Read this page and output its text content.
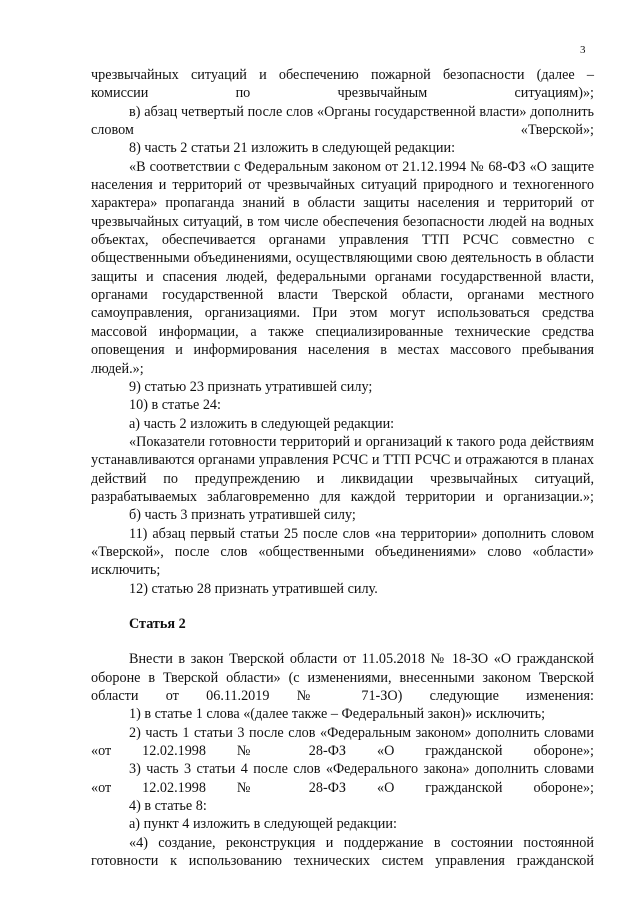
3

чрезвычайных ситуаций и обеспечению пожарной безопасности (далее – комиссии по чрезвычайным ситуациям)»;

в) абзац четвертый после слов «Органы государственной власти» дополнить словом «Тверской»;

8) часть 2 статьи 21 изложить в следующей редакции:

«В соответствии с Федеральным законом от 21.12.1994 № 68-ФЗ «О защите населения и территорий от чрезвычайных ситуаций природного и техногенного характера» пропаганда знаний в области защиты населения и территорий от чрезвычайных ситуаций, в том числе обеспечения безопасности людей на водных объектах, обеспечивается органами управления ТТП РСЧС совместно с общественными объединениями, осуществляющими свою деятельность в области защиты и спасения людей, федеральными органами государственной власти, органами государственной власти Тверской области, органами местного самоуправления, организациями. При этом могут использоваться средства массовой информации, а также специализированные технические средства оповещения и информирования населения в местах массового пребывания людей.»;

9) статью 23 признать утратившей силу;

10) в статье 24:

а) часть 2 изложить в следующей редакции:

«Показатели готовности территорий и организаций к такого рода действиям устанавливаются органами управления РСЧС и ТТП РСЧС и отражаются в планах действий по предупреждению и ликвидации чрезвычайных ситуаций, разрабатываемых заблаговременно для каждой территории и организации.»;

б) часть 3 признать утратившей силу;

11) абзац первый статьи 25 после слов «на территории» дополнить словом «Тверской», после слов «общественными объединениями» слово «области» исключить;

12) статью 28 признать утратившей силу.

Статья 2

Внести в закон Тверской области от 11.05.2018 № 18-ЗО «О гражданской обороне в Тверской области» (с изменениями, внесенными законом Тверской области от 06.11.2019 № 71-ЗО) следующие изменения:

1) в статье 1 слова «(далее также – Федеральный закон)» исключить;

2) часть 1 статьи 3 после слов «Федеральным законом» дополнить словами «от 12.02.1998 № 28-ФЗ «О гражданской обороне»;

3) часть 3 статьи 4 после слов «Федерального закона» дополнить словами «от 12.02.1998 № 28-ФЗ «О гражданской обороне»;

4) в статье 8:

а) пункт 4 изложить в следующей редакции:

«4) создание, реконструкция и поддержание в состоянии постоянной готовности к использованию технических систем управления гражданской
